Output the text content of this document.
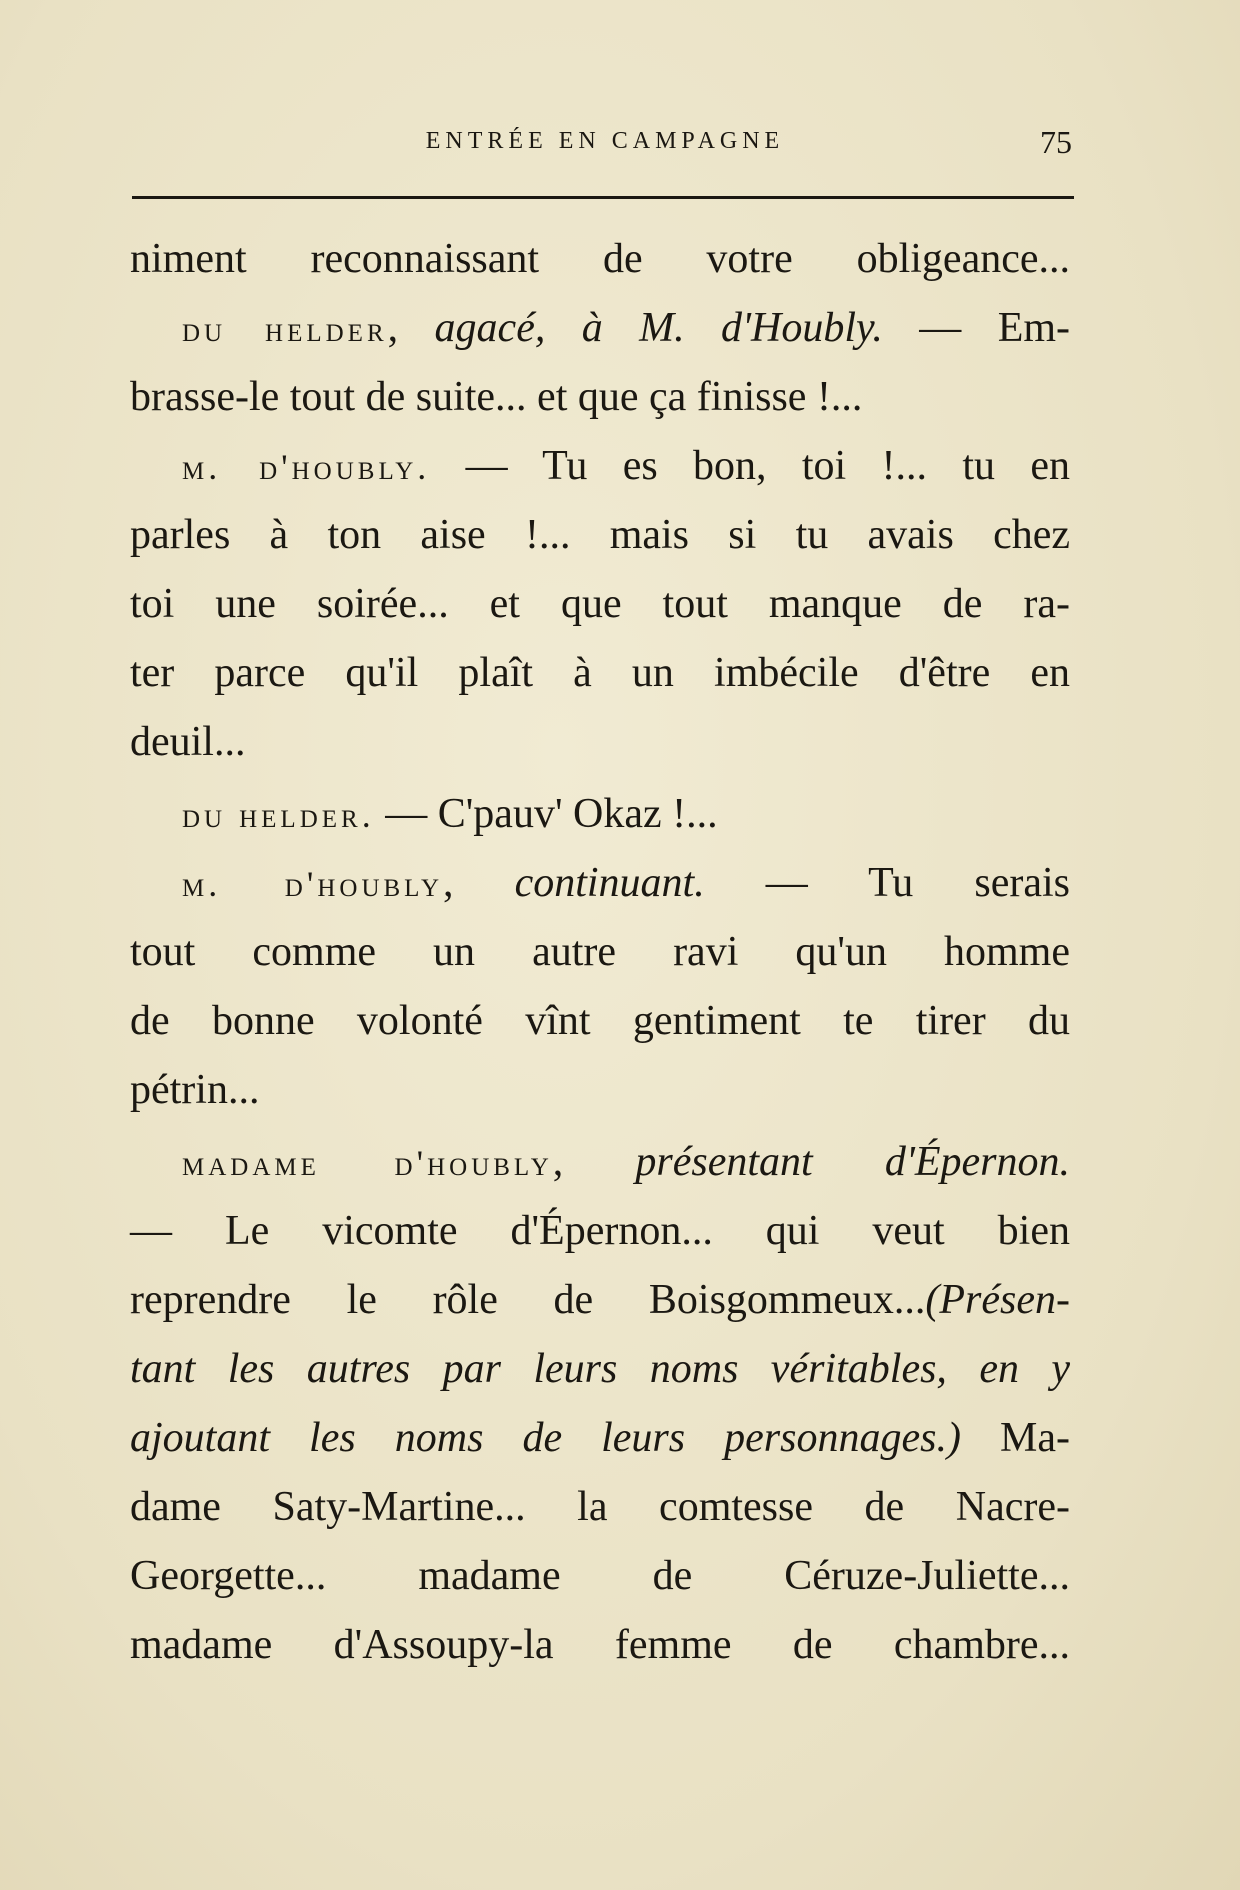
ENTRÉE EN CAMPAGNE	75
niment reconnaissant de votre obligeance...
du helder, agacé, à M. d'Houbly. — Em-
brasse-le tout de suite... et que ça finisse !...
m. d'houbly. — Tu es bon, toi !... tu en
parles à ton aise !... mais si tu avais chez
toi une soirée... et que tout manque de ra-
ter parce qu'il plaît à un imbécile d'être en
deuil...
du helder. — C'pauv' Okaz !...
m. d'houbly, continuant. — Tu serais
tout comme un autre ravi qu'un homme
de bonne volonté vînt gentiment te tirer du
pétrin...
madame d'houbly, présentant d'Épernon.
— Le vicomte d'Épernon... qui veut bien
reprendre le rôle de Boisgommeux...(Présen-
tant les autres par leurs noms véritables, en y
ajoutant les noms de leurs personnages.) Ma-
dame Saty-Martine... la comtesse de Nacre-
Georgette... madame de Céruze-Juliette...
madame d'Assoupy-la femme de chambre...
